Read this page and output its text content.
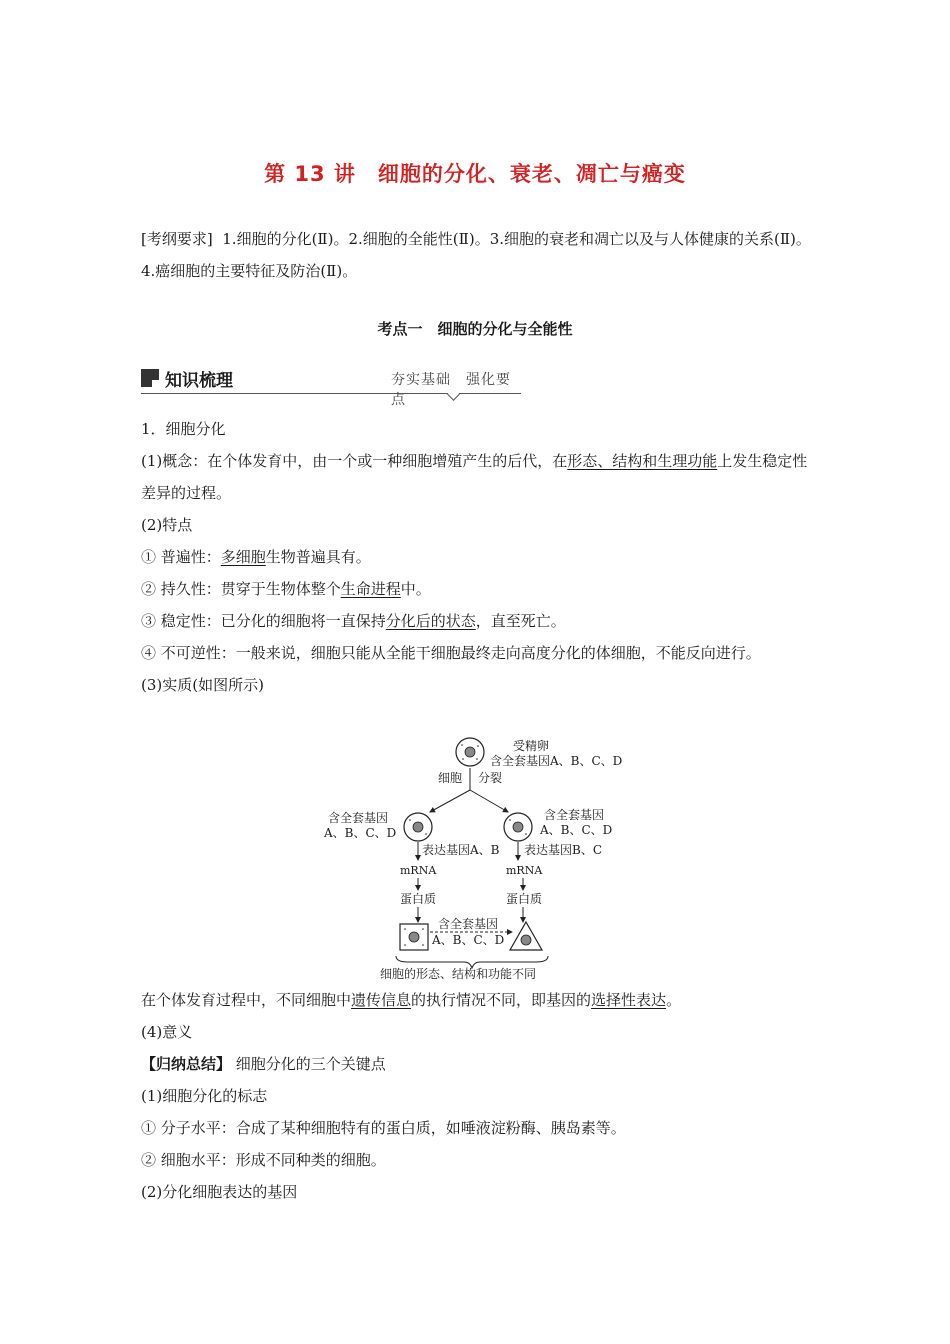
第 13 讲　细胞的分化、衰老、凋亡与癌变
[考纲要求] 1.细胞的分化(Ⅱ)。2.细胞的全能性(Ⅱ)。3.细胞的衰老和凋亡以及与人体健康的关系(Ⅱ)。4.癌细胞的主要特征及防治(Ⅱ)。
考点一　细胞的分化与全能性
知识梳理	夯实基础　强化要点

1．细胞分化

(1)概念：在个体发育中，由一个或一种细胞增殖产生的后代，在形态、结构和生理功能上发生稳定性差异的过程。

(2)特点

① 普遍性：多细胞生物普遍具有。

② 持久性：贯穿于生物体整个生命进程中。

③ 稳定性：已分化的细胞将一直保持分化后的状态，直至死亡。

④ 不可逆性：一般来说，细胞只能从全能干细胞最终走向高度分化的体细胞，不能反向进行。

(3)实质(如图所示)

受精卵
含全套基因A、B、C、D
细胞 分裂
含全套基因
A、B、C、D
含全套基因
A、B、C、D
表达基因A、B
mRNA
蛋白质
表达基因B、C
mRNA
蛋白质
含全套基因
A、B、C、D
细胞的形态、结构和功能不同

在个体发育过程中，不同细胞中遗传信息的执行情况不同，即基因的选择性表达。

(4)意义

【归纳总结】 细胞分化的三个关键点

(1)细胞分化的标志

① 分子水平：合成了某种细胞特有的蛋白质，如唾液淀粉酶、胰岛素等。

② 细胞水平：形成不同种类的细胞。

(2)分化细胞表达的基因
